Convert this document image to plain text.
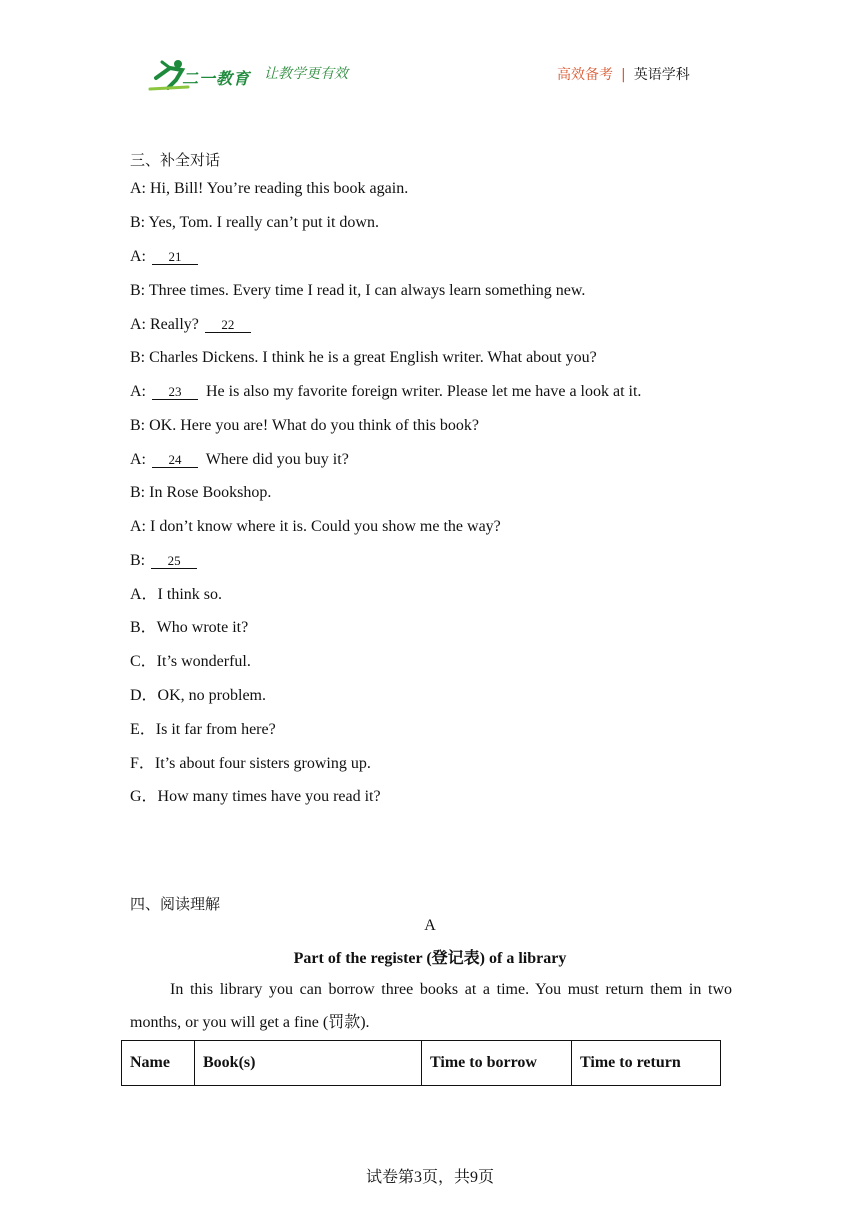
二一教育 让教学更有效	高效备考 | 英语学科
三、补全对话
A: Hi, Bill! You’re reading this book again.
B: Yes, Tom. I really can’t put it down.
A: 21
B: Three times. Every time I read it, I can always learn something new.
A: Really? 22
B: Charles Dickens. I think he is a great English writer. What about you?
A: 23 He is also my favorite foreign writer. Please let me have a look at it.
B: OK. Here you are! What do you think of this book?
A: 24 Where did you buy it?
B: In Rose Bookshop.
A: I don’t know where it is. Could you show me the way?
B: 25
A．I think so.
B．Who wrote it?
C．It’s wonderful.
D．OK, no problem.
E．Is it far from here?
F．It’s about four sisters growing up.
G．How many times have you read it?
四、阅读理解
A
Part of the register (登记表) of a library
In this library you can borrow three books at a time. You must return them in two months, or you will get a fine (罚款).
Name	Book(s)	Time to borrow	Time to return
试卷第3页，共9页
